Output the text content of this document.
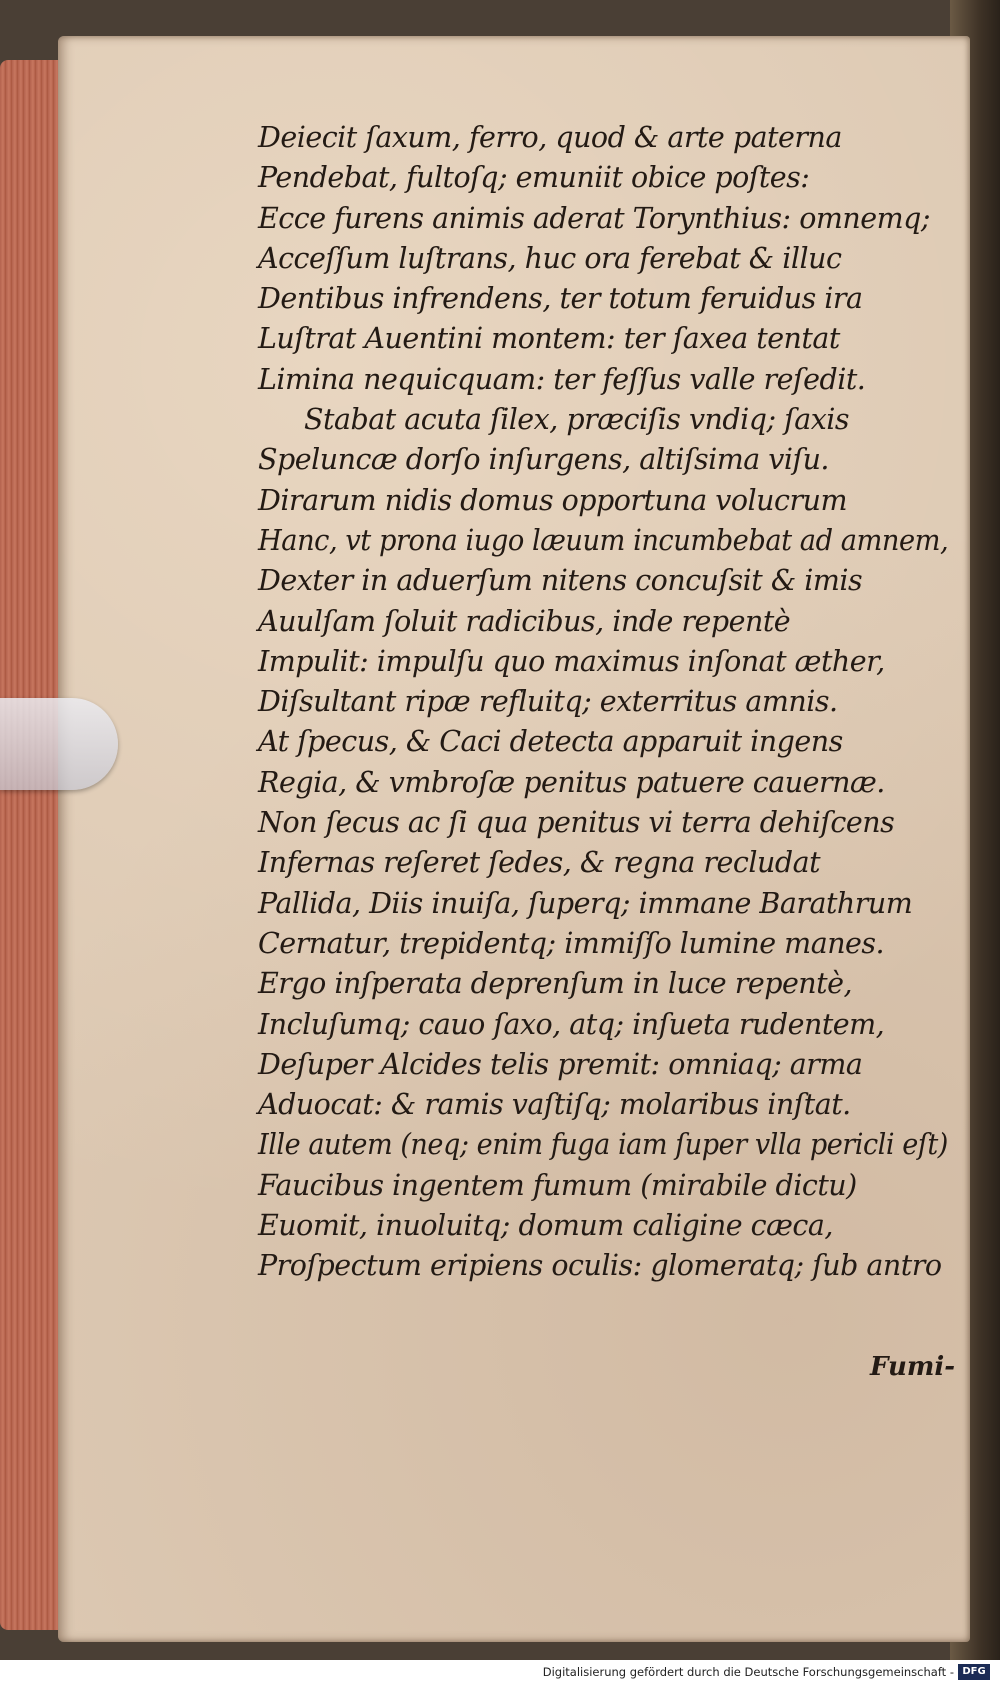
Deiecit ſaxum, ferro, quod & arte paterna
Pendebat, fultoſq; emuniit obice poſtes:
Ecce furens animis aderat Torynthius: omnemq;
Acceſſum luſtrans, huc ora ferebat & illuc
Dentibus infrendens, ter totum feruidus ira
Luſtrat Auentini montem: ter ſaxea tentat
Limina nequicquam: ter feſſus valle reſedit.
Stabat acuta ſilex, præciſis vndiq; ſaxis
Speluncæ dorſo inſurgens, altiſsima viſu.
Dirarum nidis domus opportuna volucrum
Hanc, vt prona iugo læuum incumbebat ad amnem,
Dexter in aduerſum nitens concuſsit & imis
Auulſam ſoluit radicibus, inde repentè
Impulit: impulſu quo maximus inſonat æther,
Diſsultant ripæ refluitq; exterritus amnis.
At ſpecus, & Caci detecta apparuit ingens
Regia, & vmbroſæ penitus patuere cauernæ.
Non ſecus ac ſi qua penitus vi terra dehiſcens
Infernas reſeret ſedes, & regna recludat
Pallida, Diis inuiſa, ſuperq; immane Barathrum
Cernatur, trepidentq; immiſſo lumine manes.
Ergo inſperata deprenſum in luce repentè,
Incluſumq; cauo ſaxo, atq; inſueta rudentem,
Deſuper Alcides telis premit: omniaq; arma
Aduocat: & ramis vaſtiſq; molaribus inſtat.
Ille autem (neq; enim fuga iam ſuper vlla pericli eſt)
Faucibus ingentem fumum (mirabile dictu)
Euomit, inuoluitq; domum caligine cæca,
Proſpectum eripiens oculis: glomeratq; ſub antro
Fumi-
Digitalisierung gefördert durch die Deutsche Forschungsgemeinschaft - DFG
